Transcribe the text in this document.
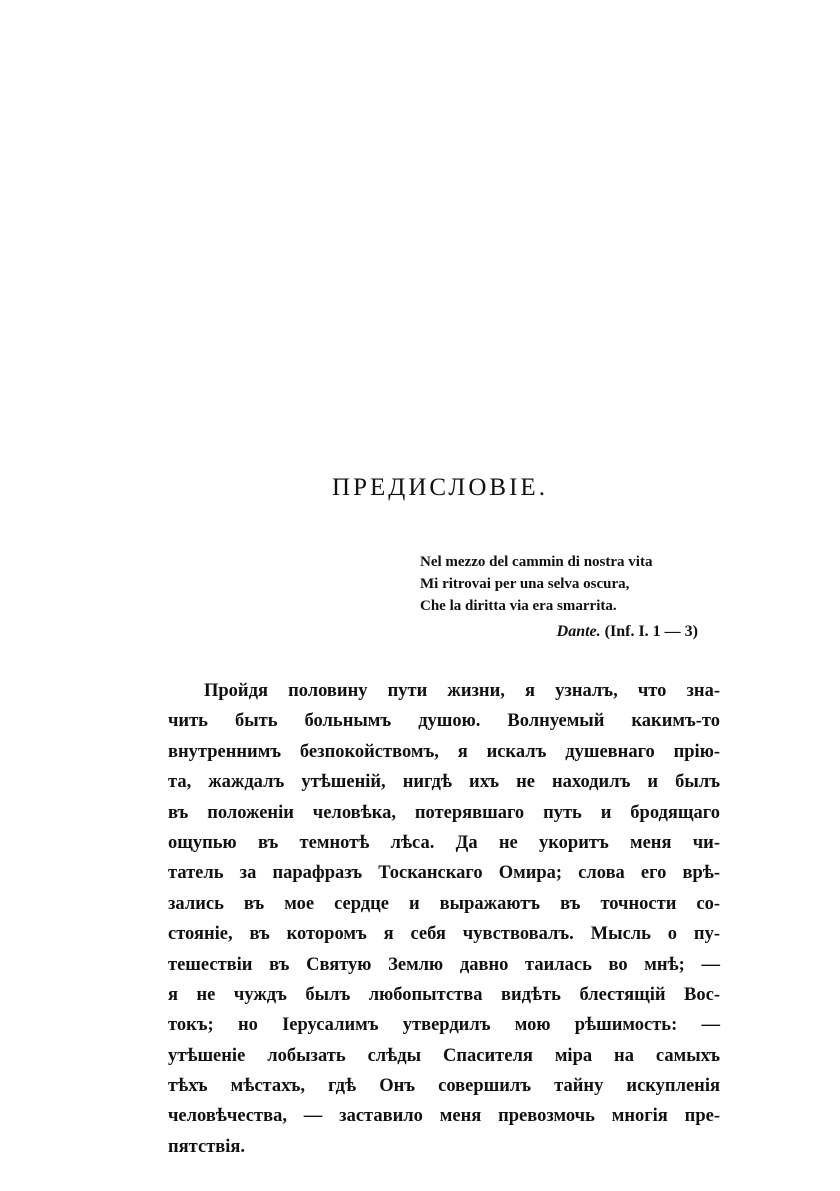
ПРЕДИСЛОВІЕ.
Nel mezzo del cammin di nostra vita
Mi ritrovai per una selva oscura,
Che la diritta via era smarrita.
Dante. (Inf. I. 1 — 3)
Пройдя половину пути жизни, я узналъ, что зна-
чить быть больнымъ душою. Волнуемый какимъ-то
внутреннимъ безпокойствомъ, я искалъ душевнаго прію-
та, жаждалъ утѣшеній, нигдѣ ихъ не находилъ и былъ
въ положеніи человѣка, потерявшаго путь и бродящаго
ощупью въ темнотѣ лѣса. Да не укоритъ меня чи-
татель за парафразъ Тосканскаго Омира; слова его врѣ-
зались въ мое сердце и выражаютъ въ точности со-
стояніе, въ которомъ я себя чувствовалъ. Мысль о пу-
тешествіи въ Святую Землю давно таилась во мнѣ; —
я не чуждъ былъ любопытства видѣть блестящій Вос-
токъ; но Іерусалимъ утвердилъ мою рѣшимость: —
утѣшеніе лобызать слѣды Спасителя міра на самыхъ
тѣхъ мѣстахъ, гдѣ Онъ совершилъ тайну искупленія
человѣчества, — заставило меня превозмочь многія пре-
пятствія.
